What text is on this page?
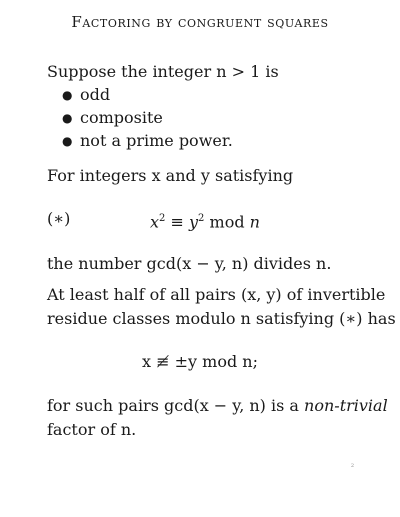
Factoring by congruent squares
Suppose the integer n > 1 is
● odd
● composite
● not a prime power.
For integers x and y satisfying
(∗)	$x^2 \equiv y^2$ mod n
the number gcd(x − y, n) divides n.
At least half of all pairs (x, y) of invertible
residue classes modulo n satisfying (∗) has
x ≢ ±y mod n;
for such pairs gcd(x − y, n) is a non-trivial
factor of n.
2
